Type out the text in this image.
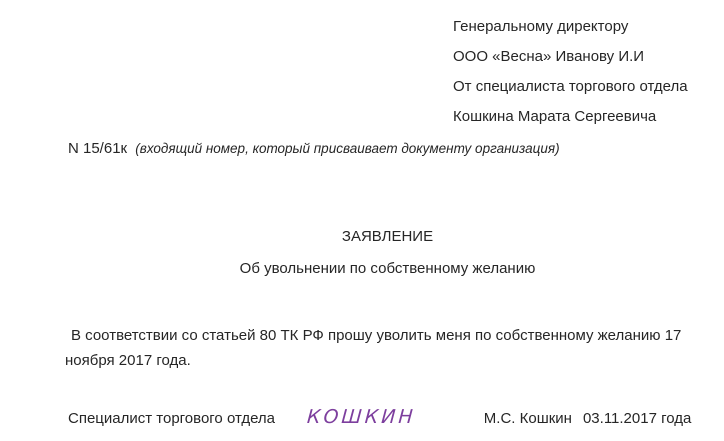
Генеральному директору
ООО «Весна» Иванову И.И
От специалиста торгового отдела
Кошкина Марата Сергеевича
N 15/61к (входящий номер, который присваивает документу организация)
ЗАЯВЛЕНИЕ
Об увольнении по собственному желанию
В соответствии со статьей 80 ТК РФ прошу уволить меня по собственному желанию 17 ноября 2017 года.
Специалист торгового отдела КОШКИН	М.С. Кошкин 03.11.2017 года
